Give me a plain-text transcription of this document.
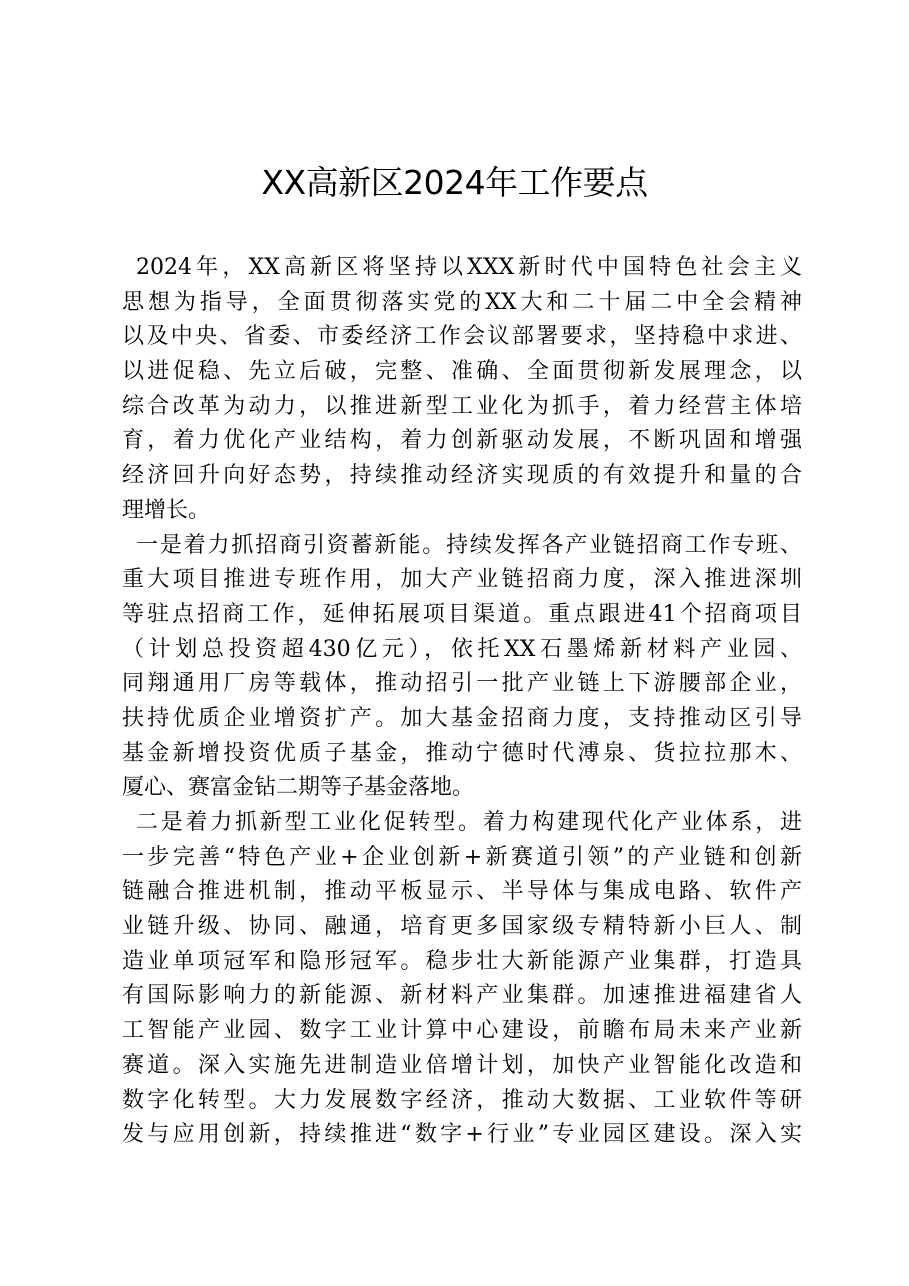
XX高新区2024年工作要点
2024年，XX高新区将坚持以XXX新时代中国特色社会主义
思想为指导，全面贯彻落实党的XX大和二十届二中全会精神
以及中央、省委、市委经济工作会议部署要求，坚持稳中求进、
以进促稳、先立后破，完整、准确、全面贯彻新发展理念，以
综合改革为动力，以推进新型工业化为抓手，着力经营主体培
育，着力优化产业结构，着力创新驱动发展，不断巩固和增强
经济回升向好态势，持续推动经济实现质的有效提升和量的合
理增长。
一是着力抓招商引资蓄新能。持续发挥各产业链招商工作专班、
重大项目推进专班作用，加大产业链招商力度，深入推进深圳
等驻点招商工作，延伸拓展项目渠道。重点跟进41个招商项目
（计划总投资超430亿元），依托XX石墨烯新材料产业园、
同翔通用厂房等载体，推动招引一批产业链上下游腰部企业，
扶持优质企业增资扩产。加大基金招商力度，支持推动区引导
基金新增投资优质子基金，推动宁德时代溥泉、货拉拉那木、
厦心、赛富金钻二期等子基金落地。
二是着力抓新型工业化促转型。着力构建现代化产业体系，进
一步完善“特色产业+企业创新+新赛道引领”的产业链和创新
链融合推进机制，推动平板显示、半导体与集成电路、软件产
业链升级、协同、融通，培育更多国家级专精特新小巨人、制
造业单项冠军和隐形冠军。稳步壮大新能源产业集群，打造具
有国际影响力的新能源、新材料产业集群。加速推进福建省人
工智能产业园、数字工业计算中心建设，前瞻布局未来产业新
赛道。深入实施先进制造业倍增计划，加快产业智能化改造和
数字化转型。大力发展数字经济，推动大数据、工业软件等研
发与应用创新，持续推进“数字+行业”专业园区建设。深入实
